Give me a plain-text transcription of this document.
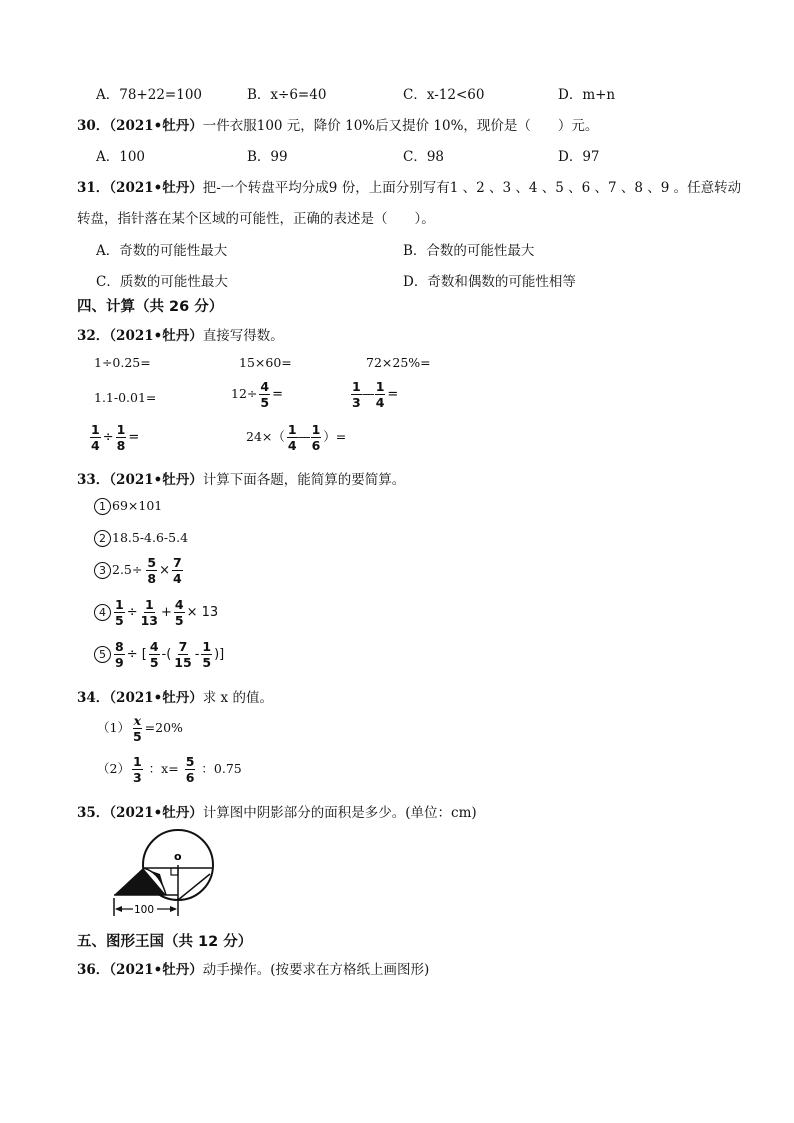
A．78+22=100	B．x÷6=40	C．x-12<60	D．m+n
30．（2021•牡丹）一件衣服100 元，降价 10%后又提价 10%，现价是（　　）元。
A．100	B．99	C．98	D．97
31．（2021•牡丹）把-一个转盘平均分成9 份，上面分别写有1 、2 、3 、4 、5 、6 、7 、8 、9 。任意转动
转盘，指针落在某个区域的可能性，正确的表述是（　　）。
A．奇数的可能性最大	B．合数的可能性最大
C．质数的可能性最大	D．奇数和偶数的可能性相等
四、计算（共 26 分）
32．（2021•牡丹）直接写得数。
1÷0.25=	15×60=	72×25%=
1.1-0.01=	$12\div \frac{4}{5}$ =	$\frac{1}{3}$ — $\frac{1}{4}$ =
$\frac{1}{4} \div \frac{1}{8}$ =	$24\times( \frac{1}{4}$ — $\frac{1}{6}$ ）=
33．（2021•牡丹）计算下面各题，能简算的要简算。
1 69×101
2 18.5-4.6-5.4
3 $2.5\div \frac{5}{8} \times \frac{7}{4}$
$4 \frac{1}{5} \div \frac{1}{13} + \frac{4}{5} \times 13$
$5 \frac{8}{9}$ ÷ [ $\frac{4}{5}$ -( $\frac{7}{15} - \frac{1}{5}$ )]
34．（2021•牡丹）求 x 的值。
$(1) \frac{x}{5} =20\%$
$(2) \frac{1}{3}$ ：$x= \frac{5}{6}$ ：0.75
35．（2021•牡丹）计算图中阴影部分的面积是多少。(单位：cm)
o
100
五、图形王国（共 12 分）
36．（2021•牡丹）动手操作。(按要求在方格纸上画图形)
